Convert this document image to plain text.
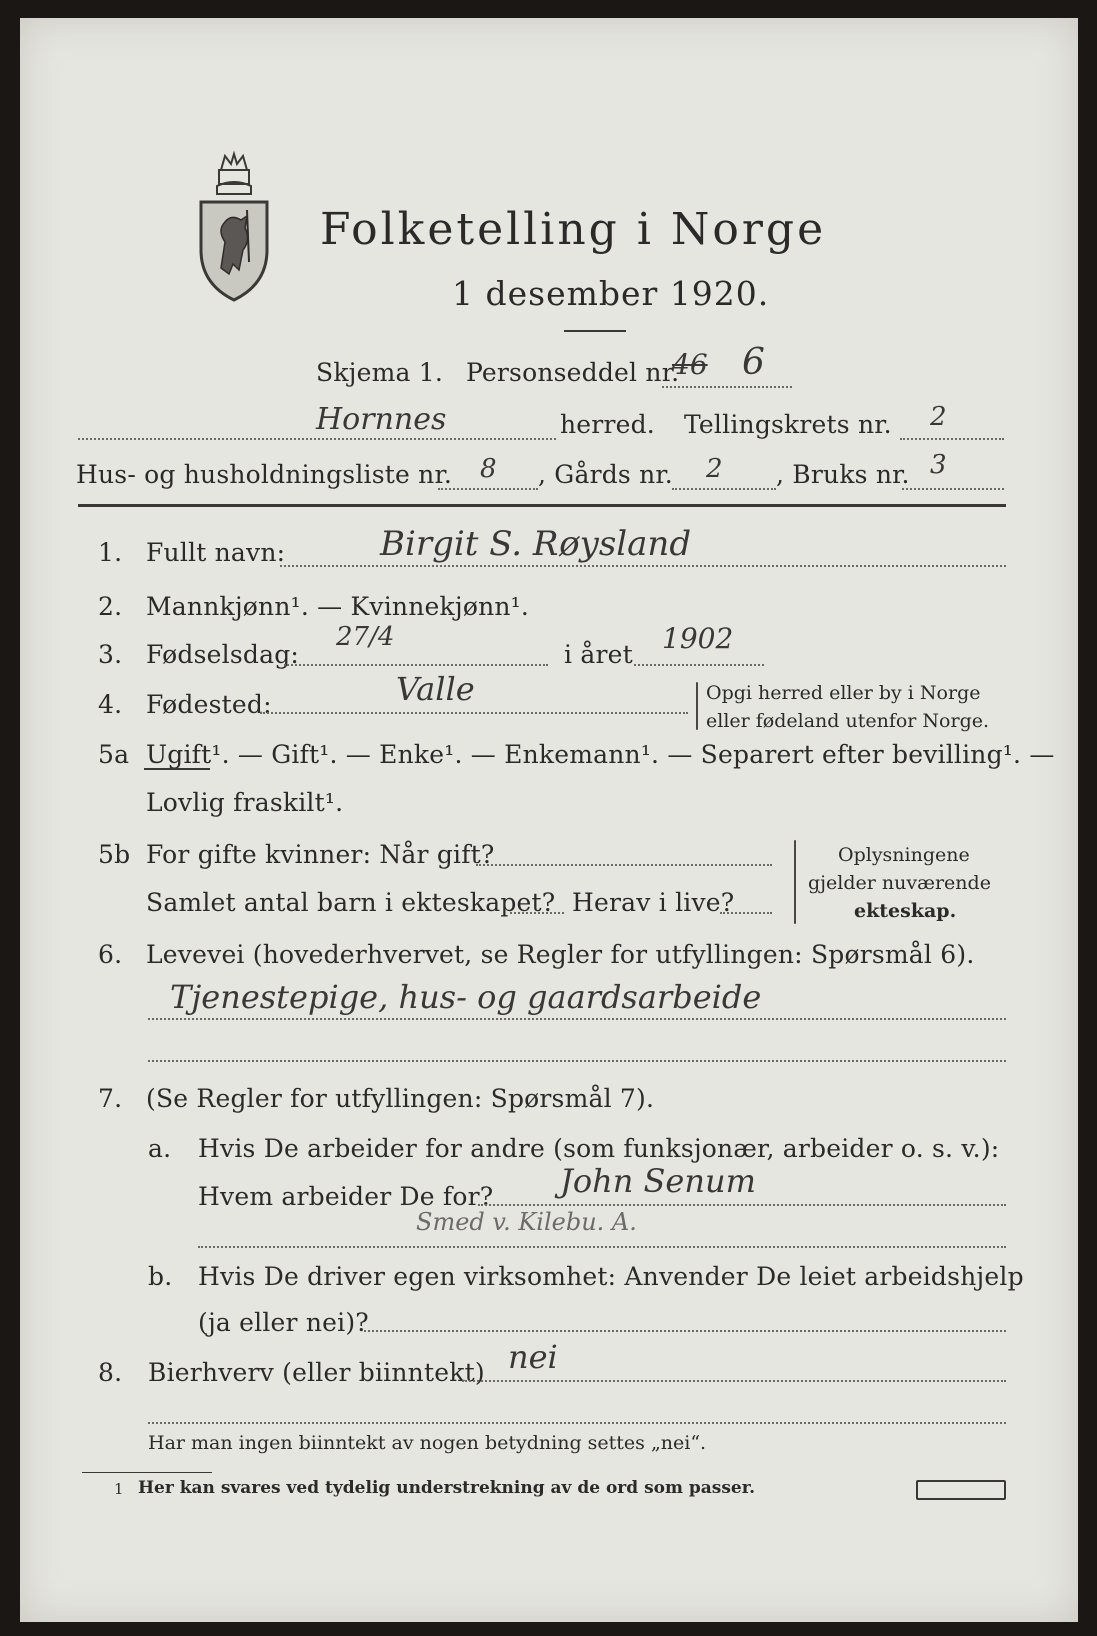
Folketelling i Norge
1 desember 1920.
Skjema 1. Personseddel nr.
46 6
Hornnes	herred. Tellingskrets nr. 2
Hus- og husholdningsliste nr. 8 , Gårds nr. 2 , Bruks nr. 3
1. Fullt navn:	Birgit S. Røysland
2. Mannkjønn¹. — Kvinnekjønn¹.
3. Fødselsdag:
27/4
i året 1902
4. Fødested:	Valle	Opgi herred eller by i Norge
eller fødeland utenfor Norge.
5a Ugift¹. — Gift¹. — Enke¹. — Enkemann¹. — Separert efter bevilling¹. —
Lovlig fraskilt¹.
5b For gifte kvinner: Når gift?
Samlet antal barn i ekteskapet? Herav i live?
Oplysningene
gjelder nuværende
ekteskap.
6. Levevei (hovederhvervet, se Regler for utfyllingen: Spørsmål 6).
Tjenestepige, hus- og gaardsarbeide
7. (Se Regler for utfyllingen: Spørsmål 7).
a. Hvis De arbeider for andre (som funksjonær, arbeider o. s. v.):
Hvem arbeider De for? John Senum
Smed v. Kilebu. A.
b. Hvis De driver egen virksomhet: Anvender De leiet arbeidshjelp
(ja eller nei)?
8. Bierhverv (eller biinntekt) nei
Har man ingen biinntekt av nogen betydning settes „nei“.
1 Her kan svares ved tydelig understrekning av de ord som passer.
